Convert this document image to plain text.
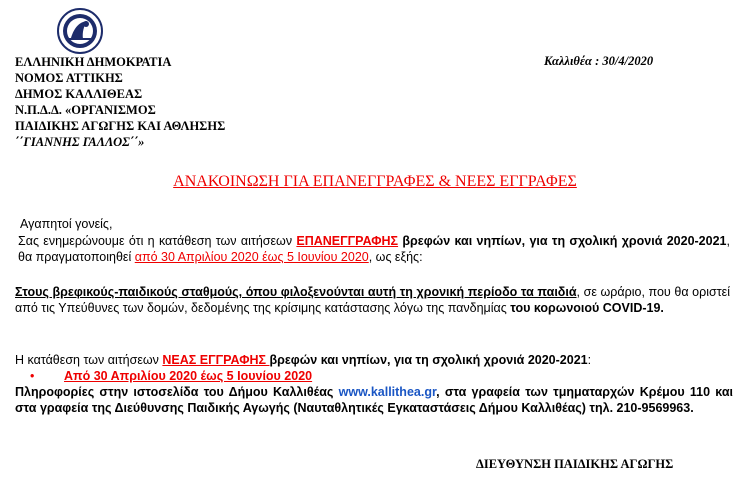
ΕΛΛΗΝΙΚΗ ΔΗΜΟΚΡΑΤΙΑ
ΝΟΜΟΣ ΑΤΤΙΚΗΣ
ΔΗΜΟΣ ΚΑΛΛΙΘΕΑΣ
Ν.Π.Δ.Δ. «ΟΡΓΑΝΙΣΜΟΣ
ΠΑΙΔΙΚΗΣ ΑΓΩΓΗΣ ΚΑΙ ΑΘΛΗΣΗΣ
΄΄ΓΙΑΝΝΗΣ ΓΑΛΛΟΣ΄΄»
Καλλιθέα : 30/4/2020
ΑΝΑΚΟΙΝΩΣΗ ΓΙΑ ΕΠΑΝΕΓΓΡΑΦΕΣ & ΝΕΕΣ ΕΓΓΡΑΦΕΣ
Αγαπητοί γονείς,
Σας ενημερώνουμε ότι η κατάθεση των αιτήσεων ΕΠΑΝΕΓΓΡΑΦΗΣ βρεφών και νηπίων, για τη σχολική χρονιά 2020-2021, θα πραγματοποιηθεί από 30 Απριλίου 2020 έως 5 Ιουνίου 2020, ως εξής:
Στους βρεφικούς-παιδικούς σταθμούς, όπου φιλοξενούνται αυτή τη χρονική περίοδο τα παιδιά, σε ωράριο, που θα οριστεί από τις Υπεύθυνες των δομών, δεδομένης της κρίσιμης κατάστασης λόγω της πανδημίας του κορωνοιού COVID-19.
Η κατάθεση των αιτήσεων ΝΕΑΣ ΕΓΓΡΑΦΗΣ βρεφών και νηπίων, για τη σχολική χρονιά 2020-2021:
• Από 30 Απριλίου 2020 έως 5 Ιουνίου 2020
Πληροφορίες στην ιστοσελίδα του Δήμου Καλλιθέας www.kallithea.gr, στα γραφεία των τμηματαρχών Κρέμου 110 και στα γραφεία της Διεύθυνσης Παιδικής Αγωγής (Ναυταθλητικές Εγκαταστάσεις Δήμου Καλλιθέας) τηλ. 210-9569963.
ΔΙΕΥΘΥΝΣΗ ΠΑΙΔΙΚΗΣ ΑΓΩΓΗΣ
